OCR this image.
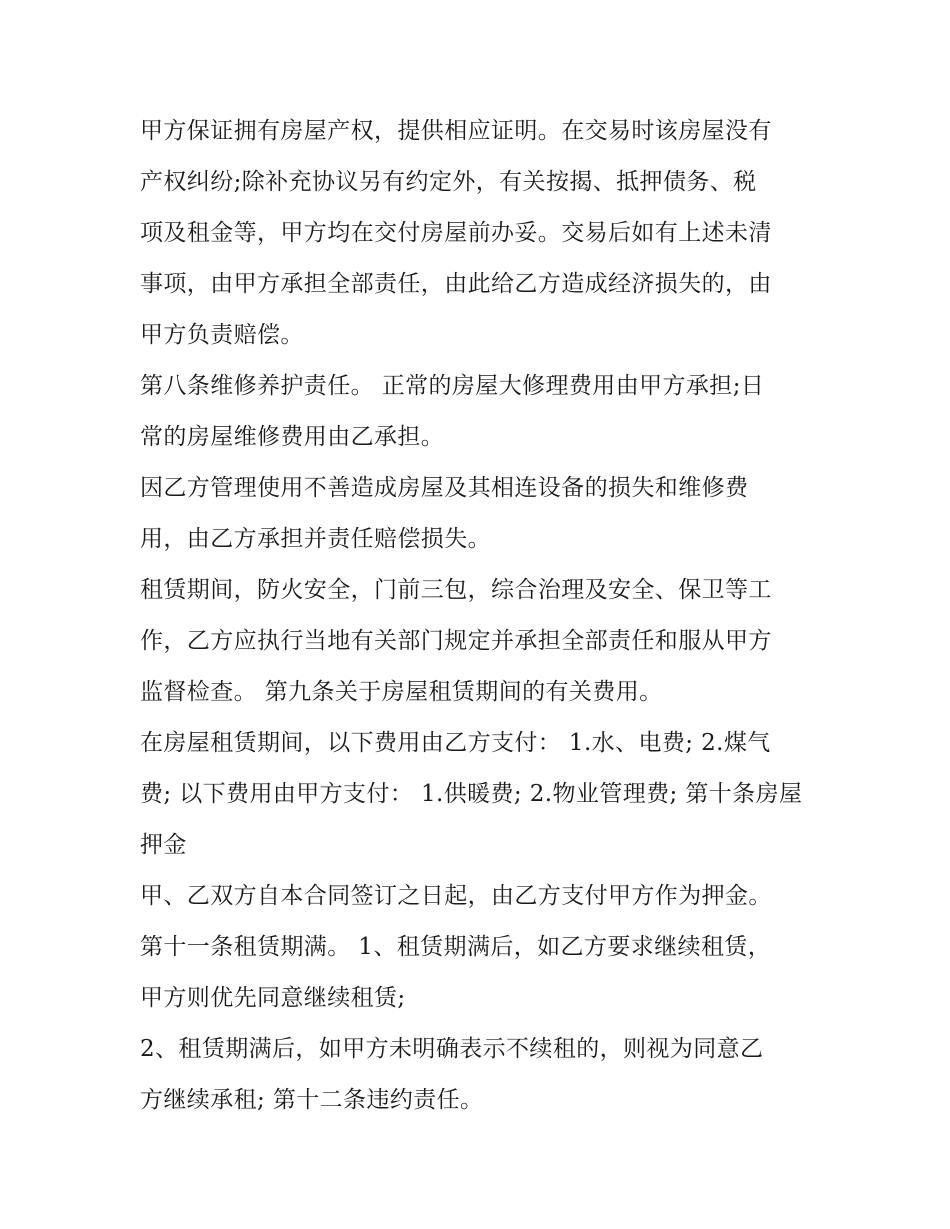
甲方保证拥有房屋产权，提供相应证明。在交易时该房屋没有
产权纠纷;除补充协议另有约定外，有关按揭、抵押债务、税
项及租金等，甲方均在交付房屋前办妥。交易后如有上述未清
事项，由甲方承担全部责任，由此给乙方造成经济损失的，由
甲方负责赔偿。

第八条维修养护责任。 正常的房屋大修理费用由甲方承担;日
常的房屋维修费用由乙承担。

因乙方管理使用不善造成房屋及其相连设备的损失和维修费
用，由乙方承担并责任赔偿损失。

租赁期间，防火安全，门前三包，综合治理及安全、保卫等工
作，乙方应执行当地有关部门规定并承担全部责任和服从甲方
监督检查。 第九条关于房屋租赁期间的有关费用。

在房屋租赁期间，以下费用由乙方支付： 1.水、电费; 2.煤气
费; 以下费用由甲方支付： 1.供暖费; 2.物业管理费; 第十条房屋
押金

甲、乙双方自本合同签订之日起，由乙方支付甲方作为押金。

第十一条租赁期满。 1、租赁期满后，如乙方要求继续租赁，
甲方则优先同意继续租赁;

2、租赁期满后，如甲方未明确表示不续租的，则视为同意乙
方继续承租; 第十二条违约责任。
